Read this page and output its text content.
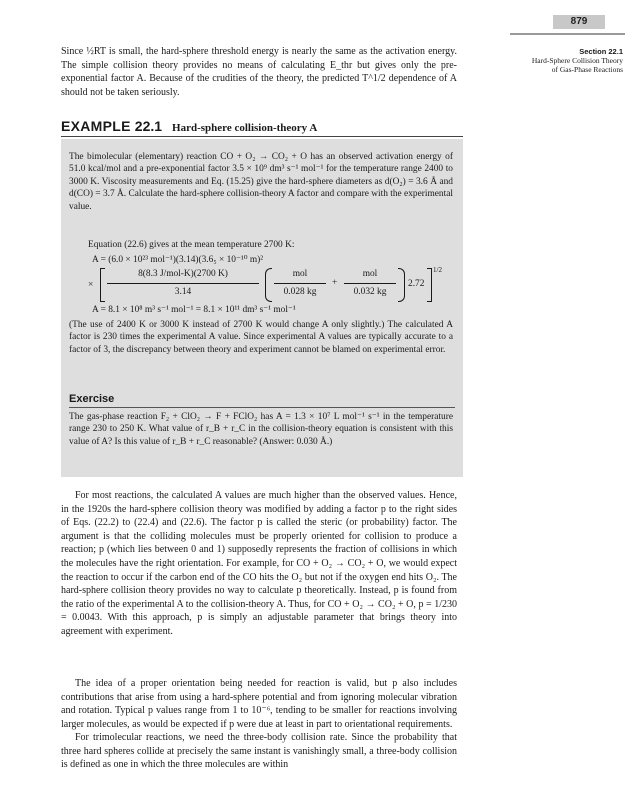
879
Section 22.1
Hard-Sphere Collision Theory
of Gas-Phase Reactions

Since ½RT is small, the hard-sphere threshold energy is nearly the same as the activation energy. The simple collision theory provides no means of calculating E_thr but gives only the pre-exponential factor A. Because of the crudities of the theory, the predicted T^1/2 dependence of A should not be taken seriously.

EXAMPLE 22.1 Hard-sphere collision-theory A

The bimolecular (elementary) reaction CO + O₂ → CO₂ + O has an observed activation energy of 51.0 kcal/mol and a pre-exponential factor 3.5 × 10⁹ dm³ s⁻¹ mol⁻¹ for the temperature range 2400 to 3000 K. Viscosity measurements and Eq. (15.25) give the hard-sphere diameters as d(O₂) = 3.6 Å and d(CO) = 3.7 Å. Calculate the hard-sphere collision-theory A factor and compare with the experimental value.

Equation (22.6) gives at the mean temperature 2700 K:

A = (6.0 × 10²³ mol⁻¹)(3.14)(3.6₅ × 10⁻¹⁰ m)²
×
8(8.3 J/mol-K)(2700 K)
3.14
mol
0.028 kg
+
mol
0.032 kg
2.72
1/2
A = 8.1 × 10⁸ m³ s⁻¹ mol⁻¹ = 8.1 × 10¹¹ dm³ s⁻¹ mol⁻¹

(The use of 2400 K or 3000 K instead of 2700 K would change A only slightly.) The calculated A factor is 230 times the experimental A value. Since experimental A values are typically accurate to a factor of 3, the discrepancy between theory and experiment cannot be blamed on experimental error.

Exercise

The gas-phase reaction F₂ + ClO₂ → F + FClO₂ has A = 1.3 × 10⁷ L mol⁻¹ s⁻¹ in the temperature range 230 to 250 K. What value of r_B + r_C in the collision-theory equation is consistent with this value of A? Is this value of r_B + r_C reasonable? (Answer: 0.030 Å.)

For most reactions, the calculated A values are much higher than the observed values. Hence, in the 1920s the hard-sphere collision theory was modified by adding a factor p to the right sides of Eqs. (22.2) to (22.4) and (22.6). The factor p is called the steric (or probability) factor. The argument is that the colliding molecules must be properly oriented for collision to produce a reaction; p (which lies between 0 and 1) supposedly represents the fraction of collisions in which the molecules have the right orientation. For example, for CO + O₂ → CO₂ + O, we would expect the reaction to occur if the carbon end of the CO hits the O₂ but not if the oxygen end hits O₂. The hard-sphere collision theory provides no way to calculate p theoretically. Instead, p is found from the ratio of the experimental A to the collision-theory A. Thus, for CO + O₂ → CO₂ + O, p = 1/230 = 0.0043. With this approach, p is simply an adjustable parameter that brings theory into agreement with experiment.

The idea of a proper orientation being needed for reaction is valid, but p also includes contributions that arise from using a hard-sphere potential and from ignoring molecular vibration and rotation. Typical p values range from 1 to 10⁻⁶, tending to be smaller for reactions involving larger molecules, as would be expected if p were due at least in part to orientational requirements.

For trimolecular reactions, we need the three-body collision rate. Since the probability that three hard spheres collide at precisely the same instant is vanishingly small, a three-body collision is defined as one in which the three molecules are within
